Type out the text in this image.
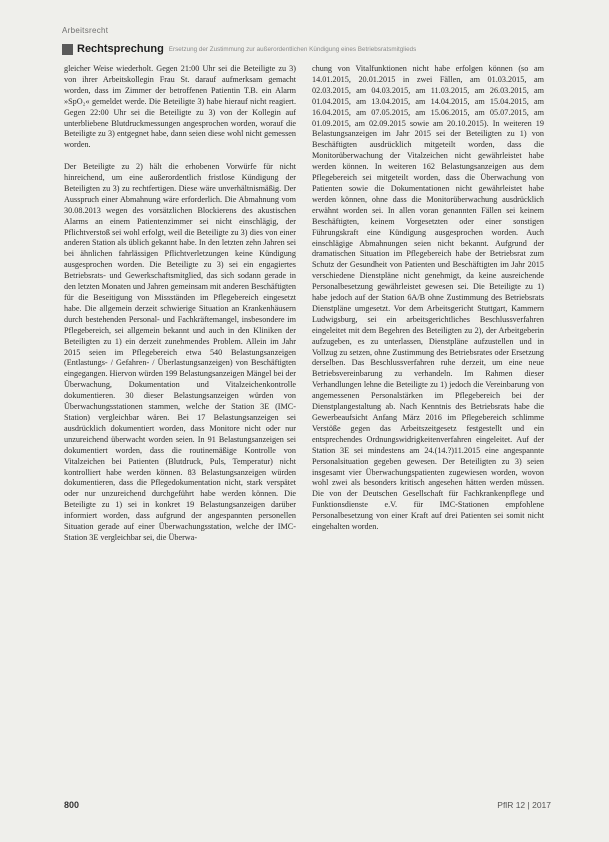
Arbeitsrecht
Rechtsprechung Ersetzung der Zustimmung zur außerordentlichen Kündigung eines Betriebsratsmitglieds

gleicher Weise wiederholt. Gegen 21:00 Uhr sei die Beteiligte zu 3) von ihrer Arbeitskollegin Frau St. darauf aufmerksam gemacht worden, dass im Zimmer der betroffenen Patientin T.B. ein Alarm »SpO₂« gemeldet werde. Die Beteiligte 3) habe hierauf nicht reagiert. Gegen 22:00 Uhr sei die Beteiligte zu 3) von der Kollegin auf unterbliebene Blutdruckmessungen angesprochen worden, worauf die Beteiligte zu 3) entgegnet habe, dann seien diese wohl nicht gemessen worden.

Der Beteiligte zu 2) hält die erhobenen Vorwürfe für nicht hinreichend, um eine außerordentlich fristlose Kündigung der Beteiligten zu 3) zu rechtfertigen. Diese wäre unverhältnismäßig. Der Ausspruch einer Abmahnung wäre erforderlich. Die Abmahnung vom 30.08.2013 wegen des vorsätzlichen Blockierens des akustischen Alarms an einem Patientenzimmer sei nicht einschlägig, der Pflichtverstoß sei wohl erfolgt, weil die Beteiligte zu 3) dies von einer anderen Station als üblich gekannt habe. In den letzten zehn Jahren sei bei ähnlichen fahrlässigen Pflichtverletzungen keine Kündigung ausgesprochen worden. Die Beteiligte zu 3) sei ein engagiertes Betriebsrats- und Gewerkschaftsmitglied, das sich sodann gerade in den letzten Monaten und Jahren gemeinsam mit anderen Beschäftigten für die Beseitigung von Missständen im Pflegebereich eingesetzt habe. Die allgemein derzeit schwierige Situation an Krankenhäusern durch bestehenden Personal- und Fachkräftemangel, insbesondere im Pflegebereich, sei allgemein bekannt und auch in den Kliniken der Beteiligten zu 1) ein derzeit zunehmendes Problem. Allein im Jahr 2015 seien im Pflegebereich etwa 540 Belastungsanzeigen (Entlastungs- / Gefahren- / Überlastungsanzeigen) von Beschäftigten eingegangen. Hiervon würden 199 Belastungsanzeigen Mängel bei der Überwachung, Dokumentation und Vitalzeichenkontrolle dokumentieren. 30 dieser Belastungsanzeigen würden von Überwachungsstationen stammen, welche der Station 3E (IMC-Station) vergleichbar wären. Bei 17 Belastungsanzeigen sei ausdrücklich dokumentiert worden, dass Monitore nicht oder nur unzureichend überwacht worden seien. In 91 Belastungsanzeigen sei dokumentiert worden, dass die routinemäßige Kontrolle von Vitalzeichen bei Patienten (Blutdruck, Puls, Temperatur) nicht kontrolliert habe werden können. 83 Belastungsanzeigen würden dokumentieren, dass die Pflegedokumentation nicht, stark verspätet oder nur unzureichend durchgeführt habe werden können. Die Beteiligte zu 1) sei in konkret 19 Belastungsanzeigen darüber informiert worden, dass aufgrund der angespannten personellen Situation gerade auf einer Überwachungsstation, welche der IMC-Station 3E vergleichbar sei, die Überwa-

chung von Vitalfunktionen nicht habe erfolgen können (so am 14.01.2015, 20.01.2015 in zwei Fällen, am 01.03.2015, am 02.03.2015, am 04.03.2015, am 11.03.2015, am 26.03.2015, am 01.04.2015, am 13.04.2015, am 14.04.2015, am 15.04.2015, am 16.04.2015, am 07.05.2015, am 15.06.2015, am 05.07.2015, am 01.09.2015, am 02.09.2015 sowie am 20.10.2015). In weiteren 19 Belastungsanzeigen im Jahr 2015 sei der Beteiligten zu 1) von Beschäftigten ausdrücklich mitgeteilt worden, dass die Monitorüberwachung der Vitalzeichen nicht gewährleistet habe werden können. In weiteren 162 Belastungsanzeigen aus dem Pflegebereich sei mitgeteilt worden, dass die Überwachung von Patienten sowie die Dokumentationen nicht gewährleistet habe werden können, ohne dass die Monitorüberwachung ausdrücklich erwähnt worden sei. In allen voran genannten Fällen sei keinem Beschäftigten, keinem Vorgesetzten oder einer sonstigen Führungskraft eine Kündigung ausgesprochen worden. Auch einschlägige Abmahnungen seien nicht bekannt. Aufgrund der dramatischen Situation im Pflegebereich habe der Betriebsrat zum Schutz der Gesundheit von Patienten und Beschäftigten im Jahr 2015 verschiedene Dienstpläne nicht genehmigt, da keine ausreichende Personalbesetzung gewährleistet gewesen sei. Die Beteiligte zu 1) habe jedoch auf der Station 6A/B ohne Zustimmung des Betriebsrats Dienstpläne umgesetzt. Vor dem Arbeitsgericht Stuttgart, Kammern Ludwigsburg, sei ein arbeitsgerichtliches Beschlussverfahren eingeleitet mit dem Begehren des Beteiligten zu 2), der Arbeitgeberin aufzugeben, es zu unterlassen, Dienstpläne aufzustellen und in Vollzug zu setzen, ohne Zustimmung des Betriebsrates oder Ersetzung derselben. Das Beschlussverfahren ruhe derzeit, um eine neue Betriebsvereinbarung zu verhandeln. Im Rahmen dieser Verhandlungen lehne die Beteiligte zu 1) jedoch die Vereinbarung von angemessenen Personalstärken im Pflegebereich bei der Dienstplangestaltung ab. Nach Kenntnis des Betriebsrats habe die Gewerbeaufsicht Anfang März 2016 im Pflegebereich schlimme Verstöße gegen das Arbeitszeitgesetz festgestellt und ein entsprechendes Ordnungswidrigkeitenverfahren eingeleitet. Auf der Station 3E sei mindestens am 24.(14.?)11.2015 eine angespannte Personalsituation gegeben gewesen. Der Beteiligten zu 3) seien insgesamt vier Überwachungspatienten zugewiesen worden, wovon wohl zwei als besonders kritisch angesehen hätten werden müssen. Die von der Deutschen Gesellschaft für Fachkrankenpflege und Funktionsdienste e.V. für IMC-Stationen empfohlene Personalbesetzung von einer Kraft auf drei Patienten sei somit nicht eingehalten worden.

800	PflR 12 | 2017
